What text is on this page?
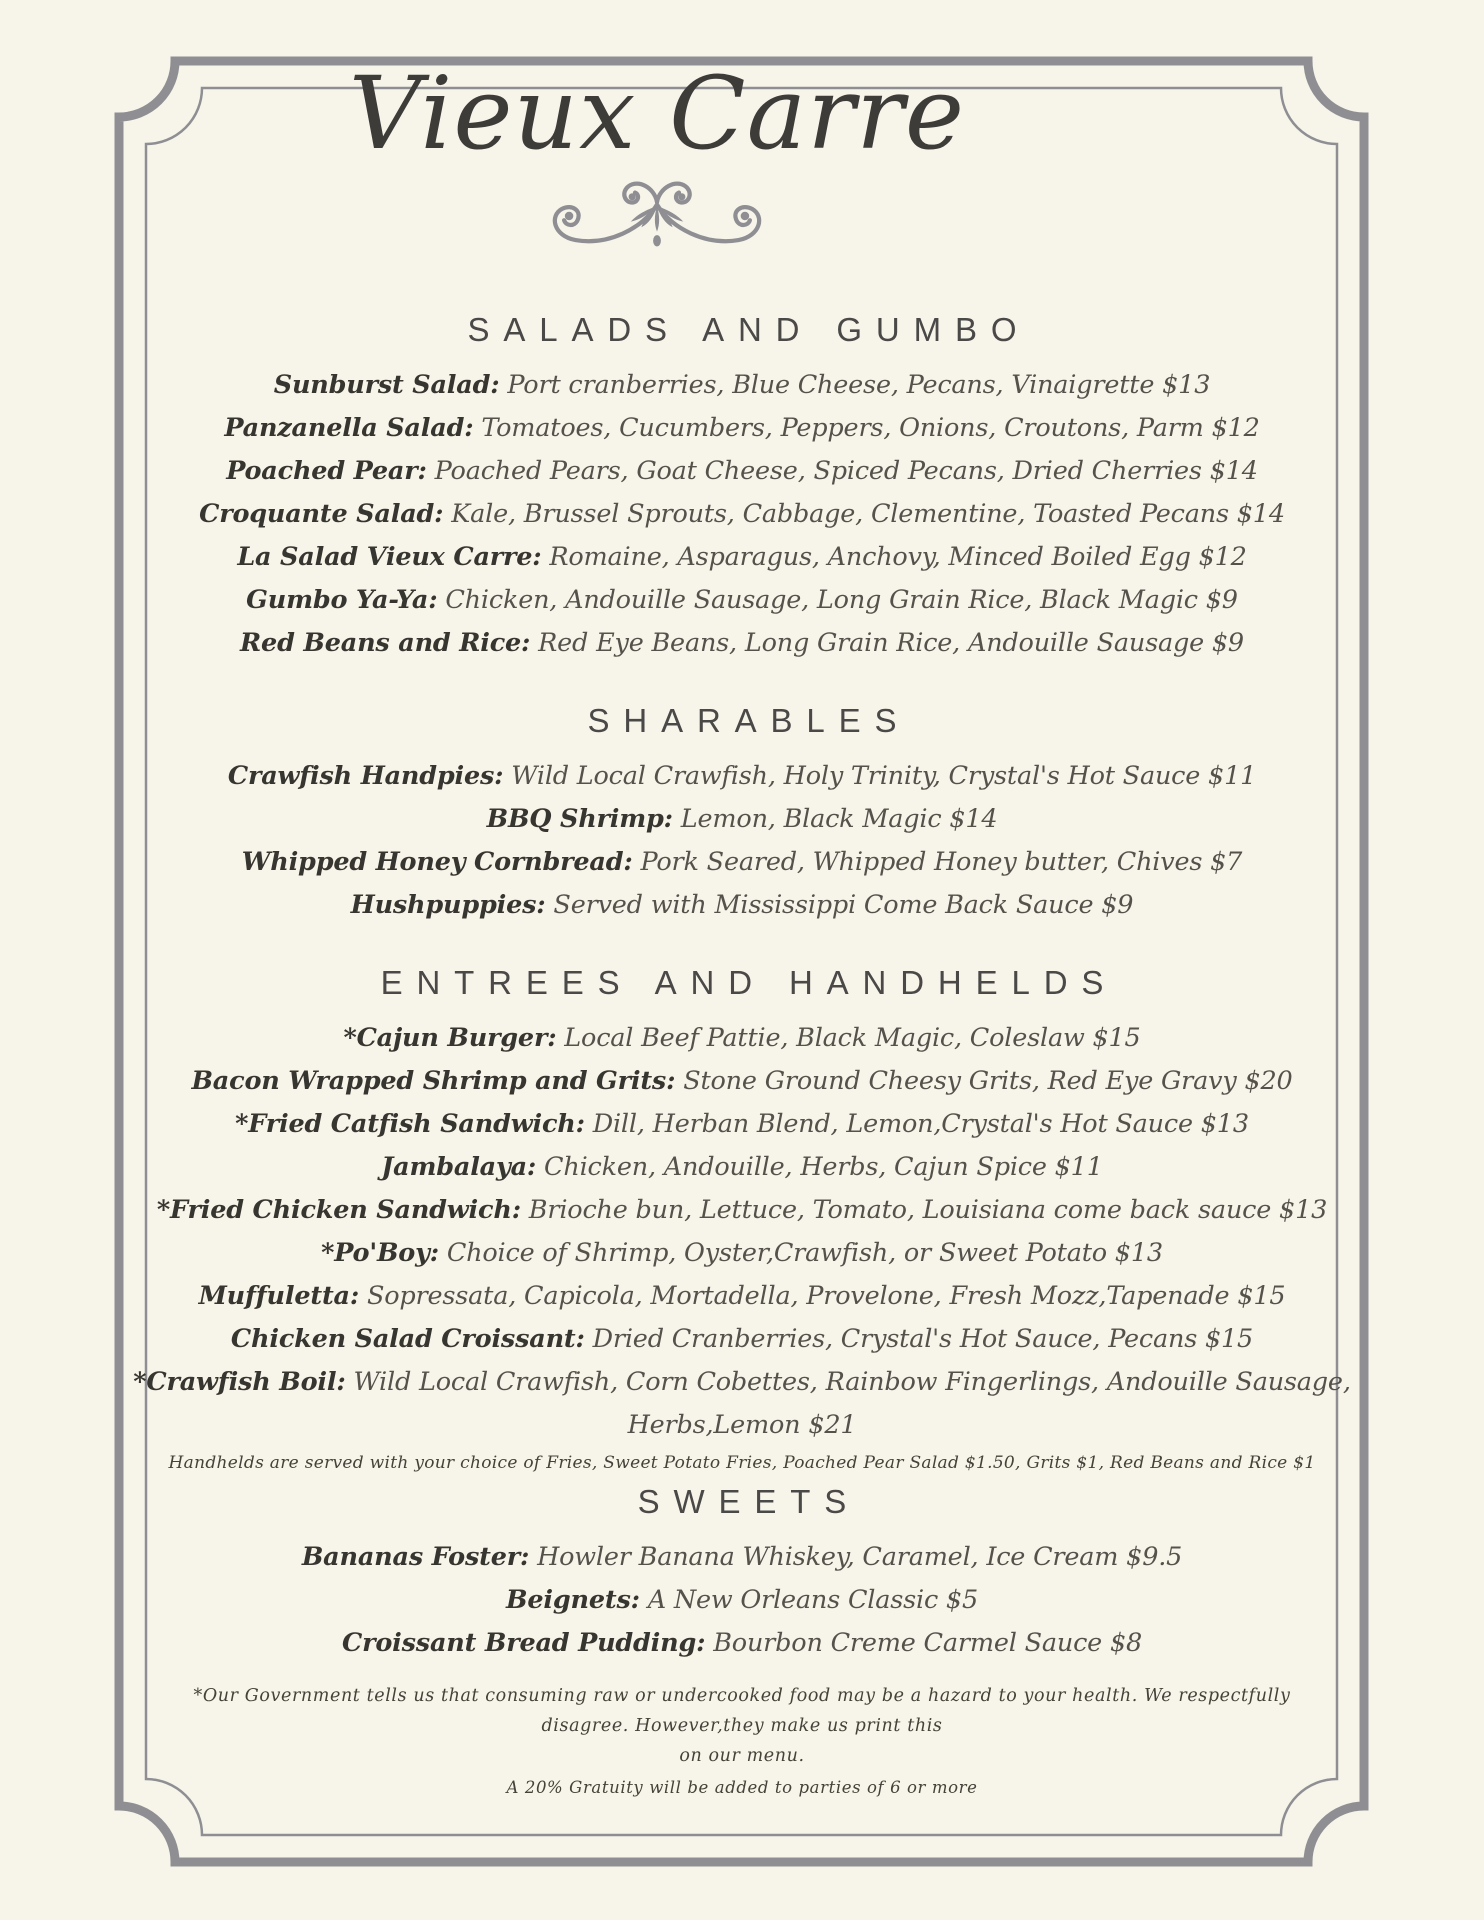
Vieux Carre
SALADS AND GUMBO

Sunburst Salad: Port cranberries, Blue Cheese, Pecans, Vinaigrette $13

Panzanella Salad: Tomatoes, Cucumbers, Peppers, Onions, Croutons, Parm $12

Poached Pear: Poached Pears, Goat Cheese, Spiced Pecans, Dried Cherries $14

Croquante Salad: Kale, Brussel Sprouts, Cabbage, Clementine, Toasted Pecans $14

La Salad Vieux Carre: Romaine, Asparagus, Anchovy, Minced Boiled Egg $12

Gumbo Ya-Ya: Chicken, Andouille Sausage, Long Grain Rice, Black Magic $9

Red Beans and Rice: Red Eye Beans, Long Grain Rice, Andouille Sausage $9

SHARABLES

Crawfish Handpies: Wild Local Crawfish, Holy Trinity, Crystal's Hot Sauce $11

BBQ Shrimp: Lemon, Black Magic $14

Whipped Honey Cornbread: Pork Seared, Whipped Honey butter, Chives $7

Hushpuppies: Served with Mississippi Come Back Sauce $9

ENTREES AND HANDHELDS

*Cajun Burger: Local Beef Pattie, Black Magic, Coleslaw $15

Bacon Wrapped Shrimp and Grits: Stone Ground Cheesy Grits, Red Eye Gravy $20

*Fried Catfish Sandwich: Dill, Herban Blend, Lemon,Crystal's Hot Sauce $13

Jambalaya: Chicken, Andouille, Herbs, Cajun Spice $11

*Fried Chicken Sandwich: Brioche bun, Lettuce, Tomato, Louisiana come back sauce $13

*Po'Boy: Choice of Shrimp, Oyster,Crawfish, or Sweet Potato $13

Muffuletta: Sopressata, Capicola, Mortadella, Provelone, Fresh Mozz,Tapenade $15

Chicken Salad Croissant: Dried Cranberries, Crystal's Hot Sauce, Pecans $15

*Crawfish Boil: Wild Local Crawfish, Corn Cobettes, Rainbow Fingerlings, Andouille Sausage, Herbs,Lemon $21

Handhelds are served with your choice of Fries, Sweet Potato Fries, Poached Pear Salad $1.50, Grits $1, Red Beans and Rice $1

SWEETS

Bananas Foster: Howler Banana Whiskey, Caramel, Ice Cream $9.5

Beignets: A New Orleans Classic $5

Croissant Bread Pudding: Bourbon Creme Carmel Sauce $8

*Our Government tells us that consuming raw or undercooked food may be a hazard to your health. We respectfully disagree. However,they make us print this
on our menu.

A 20% Gratuity will be added to parties of 6 or more
